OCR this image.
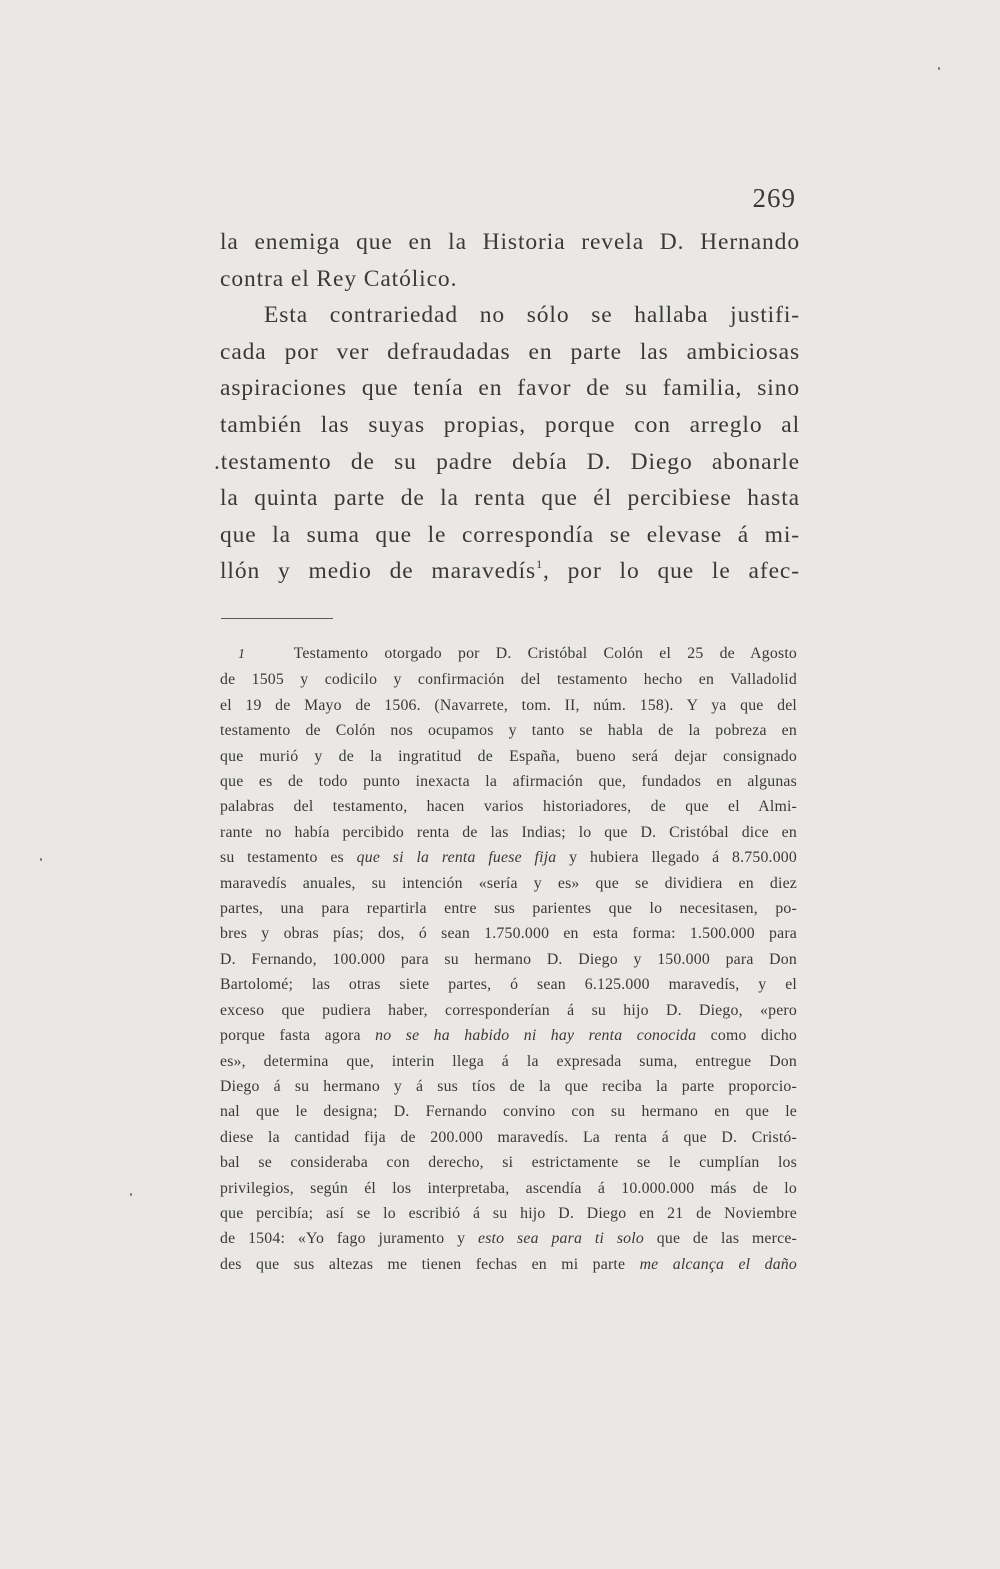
269
la enemiga que en la Historia revela D. Hernando
contra el Rey Católico.
Esta contrariedad no sólo se hallaba justifi-
cada por ver defraudadas en parte las ambiciosas
aspiraciones que tenía en favor de su familia, sino
también las suyas propias, porque con arreglo al
.testamento de su padre debía D. Diego abonarle
la quinta parte de la renta que él percibiese hasta
que la suma que le correspondía se elevase á mi-
llón y medio de maravedís$^1$, por lo que le afec-
1	Testamento otorgado por D. Cristóbal Colón el 25 de Agosto
de 1505 y codicilo y confirmación del testamento hecho en Valladolid
el 19 de Mayo de 1506. (Navarrete, tom. II, núm. 158). Y ya que del
testamento de Colón nos ocupamos y tanto se habla de la pobreza en
que murió y de la ingratitud de España, bueno será dejar consignado
que es de todo punto inexacta la afirmación que, fundados en algunas
palabras del testamento, hacen varios historiadores, de que el Almi-
rante no había percibido renta de las Indias; lo que D. Cristóbal dice en
su testamento es que si la renta fuese fija y hubiera llegado á 8.750.000
maravedís anuales, su intención «sería y es» que se dividiera en diez
partes, una para repartirla entre sus parientes que lo necesitasen, po-
bres y obras pías; dos, ó sean 1.750.000 en esta forma: 1.500.000 para
D. Fernando, 100.000 para su hermano D. Diego y 150.000 para Don
Bartolomé; las otras siete partes, ó sean 6.125.000 maravedís, y el
exceso que pudiera haber, corresponderían á su hijo D. Diego, «pero
porque fasta agora no se ha habido ni hay renta conocida como dicho
es», determina que, interin llega á la expresada suma, entregue Don
Diego á su hermano y á sus tíos de la que reciba la parte proporcio-
nal que le designa; D. Fernando convino con su hermano en que le
diese la cantidad fija de 200.000 maravedís. La renta á que D. Cristó-
bal se consideraba con derecho, si estrictamente se le cumplían los
privilegios, según él los interpretaba, ascendía á 10.000.000 más de lo
que percibía; así se lo escribió á su hijo D. Diego en 21 de Noviembre
de 1504: «Yo fago juramento y esto sea para ti solo que de las merce-
des que sus altezas me tienen fechas en mi parte me alcança el daño
